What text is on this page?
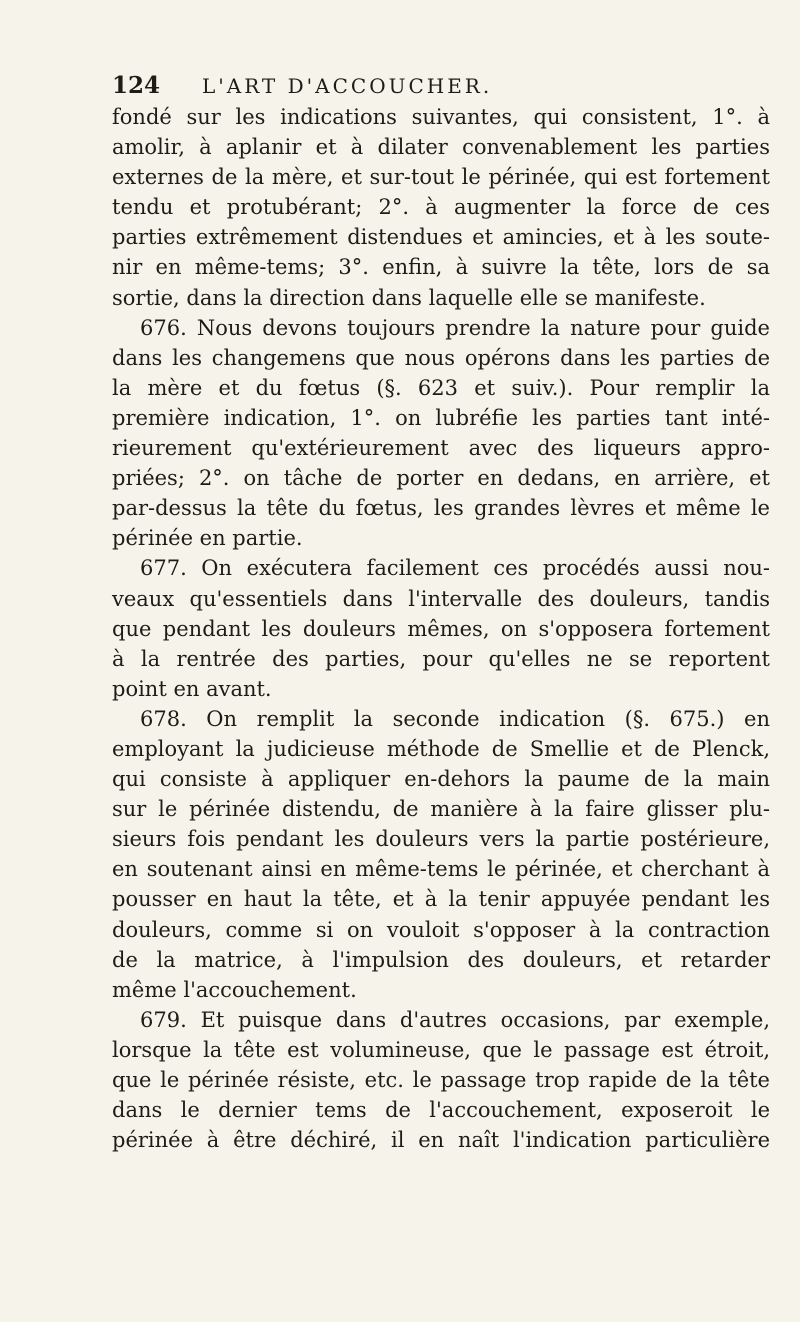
124	L'ART D'ACCOUCHER.

fondé sur les indications suivantes, qui consistent, 1°. à

amolir, à aplanir et à dilater convenablement les parties

externes de la mère, et sur-tout le périnée, qui est fortement

tendu et protubérant; 2°. à augmenter la force de ces

parties extrêmement distendues et amincies, et à les soute-

nir en même-tems; 3°. enfin, à suivre la tête, lors de sa

sortie, dans la direction dans laquelle elle se manifeste.

676. Nous devons toujours prendre la nature pour guide

dans les changemens que nous opérons dans les parties de

la mère et du fœtus (§. 623 et suiv.). Pour remplir la

première indication, 1°. on lubréfie les parties tant inté-

rieurement qu'extérieurement avec des liqueurs appro-

priées; 2°. on tâche de porter en dedans, en arrière, et

par-dessus la tête du fœtus, les grandes lèvres et même le

périnée en partie.

677. On exécutera facilement ces procédés aussi nou-

veaux qu'essentiels dans l'intervalle des douleurs, tandis

que pendant les douleurs mêmes, on s'opposera fortement

à la rentrée des parties, pour qu'elles ne se reportent

point en avant.

678. On remplit la seconde indication (§. 675.) en

employant la judicieuse méthode de Smellie et de Plenck,

qui consiste à appliquer en-dehors la paume de la main

sur le périnée distendu, de manière à la faire glisser plu-

sieurs fois pendant les douleurs vers la partie postérieure,

en soutenant ainsi en même-tems le périnée, et cherchant à

pousser en haut la tête, et à la tenir appuyée pendant les

douleurs, comme si on vouloit s'opposer à la contraction

de la matrice, à l'impulsion des douleurs, et retarder

même l'accouchement.

679. Et puisque dans d'autres occasions, par exemple,

lorsque la tête est volumineuse, que le passage est étroit,

que le périnée résiste, etc. le passage trop rapide de la tête

dans le dernier tems de l'accouchement, exposeroit le

périnée à être déchiré, il en naît l'indication particulière
